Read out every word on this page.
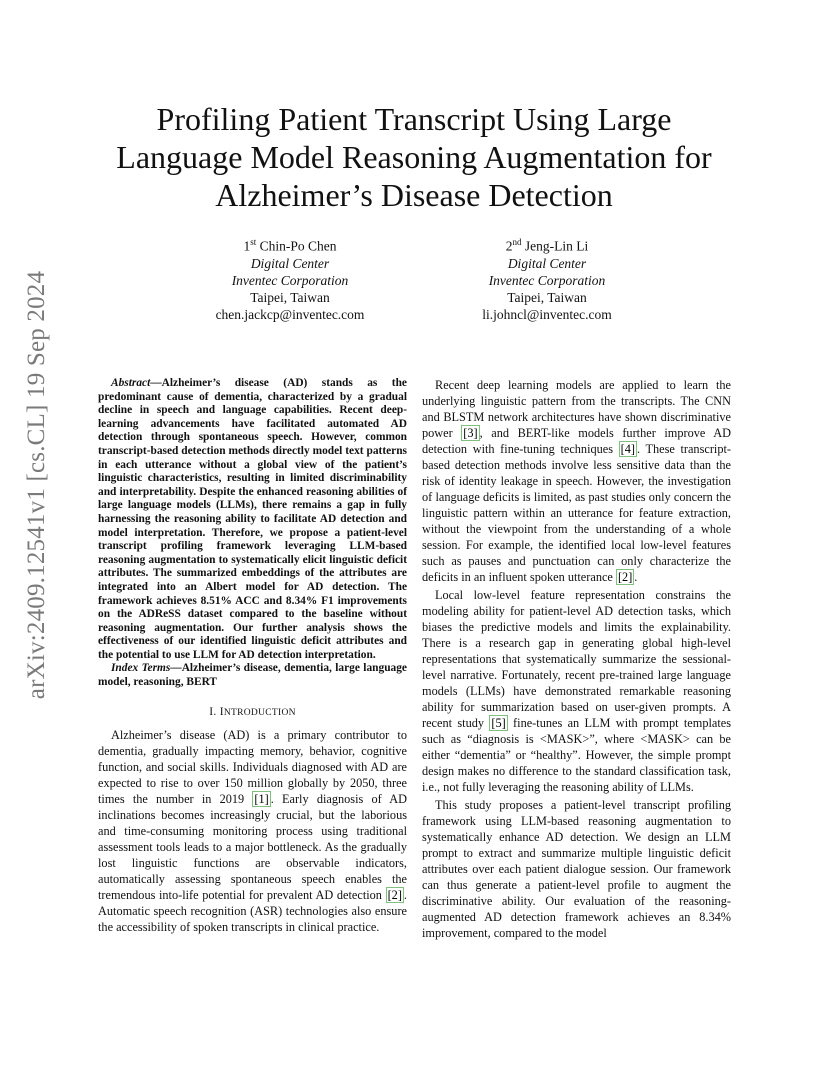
arXiv:2409.12541v1 [cs.CL] 19 Sep 2024
Profiling Patient Transcript Using Large
Language Model Reasoning Augmentation for
Alzheimer’s Disease Detection
1st Chin-Po Chen
Digital Center
Inventec Corporation
Taipei, Taiwan
chen.jackcp@inventec.com
2nd Jeng-Lin Li
Digital Center
Inventec Corporation
Taipei, Taiwan
li.johncl@inventec.com

Abstract—Alzheimer’s disease (AD) stands as the predominant cause of dementia, characterized by a gradual decline in speech and language capabilities. Recent deep-learning advancements have facilitated automated AD detection through spontaneous speech. However, common transcript-based detection methods directly model text patterns in each utterance without a global view of the patient’s linguistic characteristics, resulting in limited discriminability and interpretability. Despite the enhanced reasoning abilities of large language models (LLMs), there remains a gap in fully harnessing the reasoning ability to facilitate AD detection and model interpretation. Therefore, we propose a patient-level transcript profiling framework leveraging LLM-based reasoning augmentation to systematically elicit linguistic deficit attributes. The summarized embeddings of the attributes are integrated into an Albert model for AD detection. The framework achieves 8.51% ACC and 8.34% F1 improvements on the ADReSS dataset compared to the baseline without reasoning augmentation. Our further analysis shows the effectiveness of our identified linguistic deficit attributes and the potential to use LLM for AD detection interpretation.

Index Terms—Alzheimer’s disease, dementia, large language model, reasoning, BERT

I. INTRODUCTION

Alzheimer’s disease (AD) is a primary contributor to dementia, gradually impacting memory, behavior, cognitive function, and social skills. Individuals diagnosed with AD are expected to rise to over 150 million globally by 2050, three times the number in 2019 [1] . Early diagnosis of AD inclinations becomes increasingly crucial, but the laborious and time-consuming monitoring process using traditional assessment tools leads to a major bottleneck. As the gradually lost linguistic functions are observable indicators, automatically assessing spontaneous speech enables the tremendous into-life potential for prevalent AD detection [2] . Automatic speech recognition (ASR) technologies also ensure the accessibility of spoken transcripts in clinical practice.

Recent deep learning models are applied to learn the underlying linguistic pattern from the transcripts. The CNN and BLSTM network architectures have shown discriminative power [3] , and BERT-like models further improve AD detection with fine-tuning techniques [4] . These transcript-based detection methods involve less sensitive data than the risk of identity leakage in speech. However, the investigation of language deficits is limited, as past studies only concern the linguistic pattern within an utterance for feature extraction, without the viewpoint from the understanding of a whole session. For example, the identified local low-level features such as pauses and punctuation can only characterize the deficits in an influent spoken utterance [2] .

Local low-level feature representation constrains the modeling ability for patient-level AD detection tasks, which biases the predictive models and limits the explainability. There is a research gap in generating global high-level representations that systematically summarize the sessional-level narrative. Fortunately, recent pre-trained large language models (LLMs) have demonstrated remarkable reasoning ability for summarization based on user-given prompts. A recent study [5] fine-tunes an LLM with prompt templates such as “diagnosis is <MASK>”, where <MASK> can be either “dementia” or “healthy”. However, the simple prompt design makes no difference to the standard classification task, i.e., not fully leveraging the reasoning ability of LLMs.

This study proposes a patient-level transcript profiling framework using LLM-based reasoning augmentation to systematically enhance AD detection. We design an LLM prompt to extract and summarize multiple linguistic deficit attributes over each patient dialogue session. Our framework can thus generate a patient-level profile to augment the discriminative ability. Our evaluation of the reasoning-augmented AD detection framework achieves an 8.34% improvement, compared to the model
